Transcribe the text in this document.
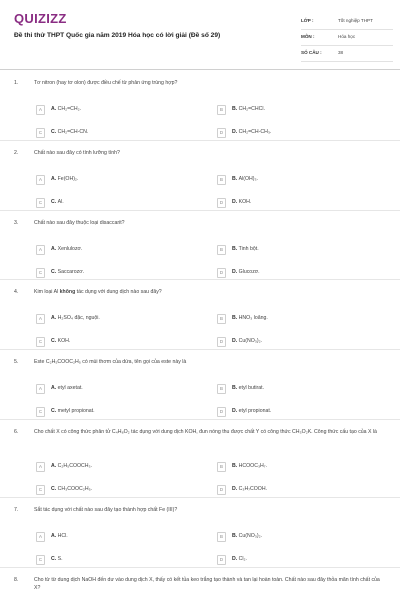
QUIZIZZ
Đề thi thử THPT Quốc gia năm 2019 Hóa học có lời giải (Đề số 29)
LỚP :	Tốt nghiệp THPT
MÔN :	Hóa học
SỐ CÂU :	38
1.	Tơ nitron (hay tơ olon) được điều chế từ phản ứng trùng hợp?
A	A. CH₂=CH₂.	B	B. CH₂=CHCl.
C	C. CH₂=CH-CN.	D	D. CH₂=CH-CH₃.
2.	Chất nào sau đây có tính lưỡng tính?
A	A. Fe(OH)₂.	B	B. Al(OH)₃.
C	C. Al.	D	D. KOH.
3.	Chất nào sau đây thuộc loại disaccarit?
A	A. Xenlulozơ.	B	B. Tinh bột.
C	C. Saccarozơ.	D	D. Glucozơ.
4.	Kim loại Al không tác dụng với dung dịch nào sau đây?
A	A. H₂SO₄ đặc, nguội.	B	B. HNO₃ loãng.
C	C. KOH.	D	D. Cu(NO₃)₂.
5.	Este C₂H₅COOC₂H₅ có mùi thơm của dứa, tên gọi của este này là
A	A. etyl axetat.	B	B. etyl butirat.
C	C. metyl propionat.	D	D. etyl propionat.
6.	Cho chất X có công thức phân tử C₄H₈O₂ tác dụng với dung dịch KOH, đun nóng thu được chất Y có công thức CH₃O₂K. Công thức cấu tạo của X là
A	A. C₂H₅COOCH₃.	B	B. HCOOC₃H₇.
C	C. CH₃COOC₂H₅.	D	D. C₃H₇COOH.
7.	Sắt tác dụng với chất nào sau đây tạo thành hợp chất Fe (III)?
A	A. HCl.	B	B. Cu(NO₃)₂.
C	C. S.	D	D. Cl₂.
8.	Cho từ từ dung dịch NaOH đến dư vào dung dịch X, thấy có kết tủa keo trắng tạo thành và tan lại hoàn toàn. Chất nào sau đây thỏa mãn tính chất của X?
